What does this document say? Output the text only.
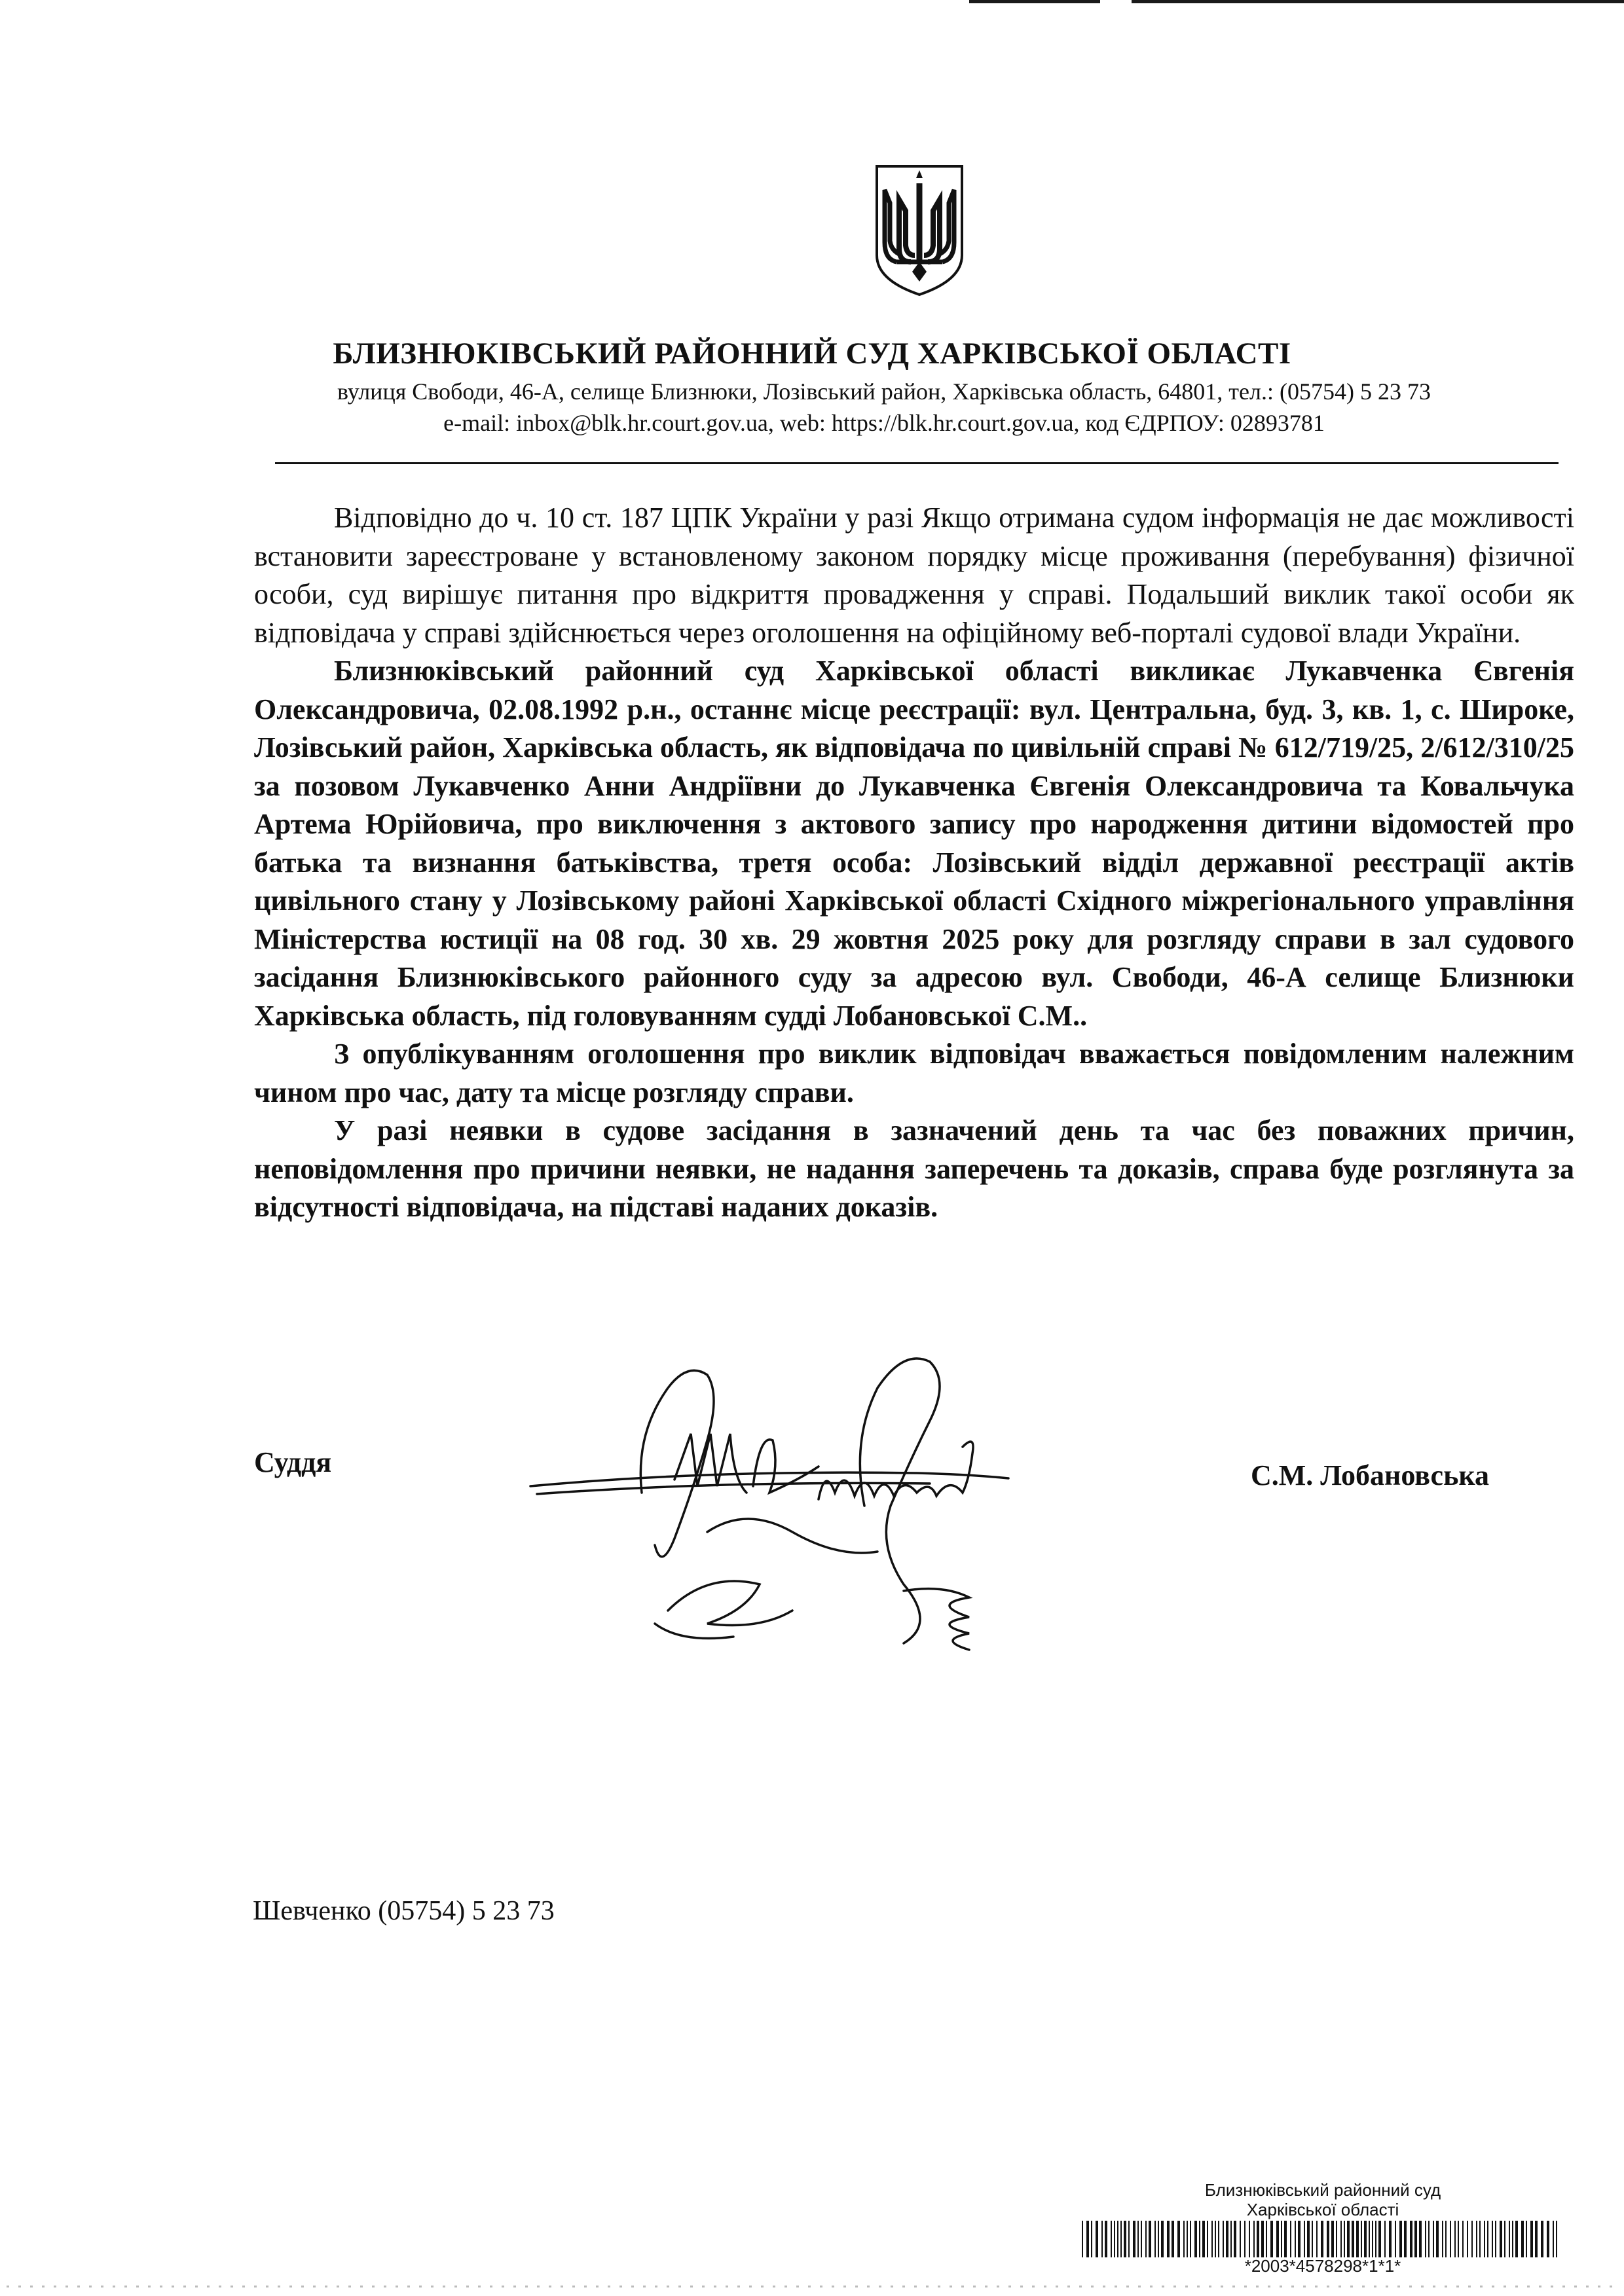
БЛИЗНЮКІВСЬКИЙ РАЙОННИЙ СУД ХАРКІВСЬКОЇ ОБЛАСТІ

вулиця Свободи, 46-А, селище Близнюки, Лозівський район, Харківська область, 64801, тел.: (05754) 5 23 73

e-mail: inbox@blk.hr.court.gov.ua, web: https://blk.hr.court.gov.ua, код ЄДРПОУ: 02893781

Відповідно до ч. 10 ст. 187 ЦПК України у разі Якщо отримана судом інформація не дає можливості встановити зареєстроване у встановленому законом порядку місце проживання (перебування) фізичної особи, суд вирішує питання про відкриття провадження у справі. Подальший виклик такої особи як відповідача у справі здійснюється через оголошення на офіційному веб-порталі судової влади України.

Близнюківський районний суд Харківської області викликає Лукавченка Євгенія Олександровича, 02.08.1992 р.н., останнє місце реєстрації: вул. Центральна, буд. 3, кв. 1, с. Широке, Лозівський район, Харківська область, як відповідача по цивільній справі № 612/719/25, 2/612/310/25 за позовом Лукавченко Анни Андріївни до Лукавченка Євгенія Олександровича та Ковальчука Артема Юрійовича, про виключення з актового запису про народження дитини відомостей про батька та визнання батьківства, третя особа: Лозівський відділ державної реєстрації актів цивільного стану у Лозівському районі Харківської області Східного міжрегіонального управління Міністерства юстиції на 08 год. 30 хв. 29 жовтня 2025 року для розгляду справи в зал судового засідання Близнюківського районного суду за адресою вул. Свободи, 46-А селище Близнюки Харківська область, під головуванням судді Лобановської С.М..

З опублікуванням оголошення про виклик відповідач вважається повідомленим належним чином про час, дату та місце розгляду справи.

У разі неявки в судове засідання в зазначений день та час без поважних причин, неповідомлення про причини неявки, не надання заперечень та доказів, справа буде розглянута за відсутності відповідача, на підставі наданих доказів.

Суддя	С.М. Лобановська

Шевченко (05754) 5 23 73

Близнюківський районний суд
Харківської області
*2003*4578298*1*1*
